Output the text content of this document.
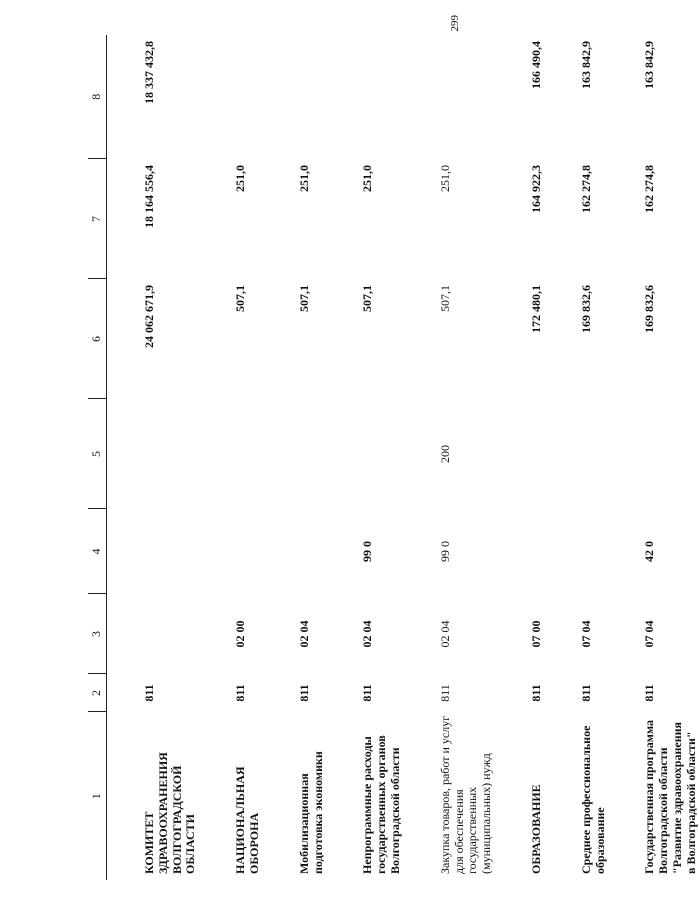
299
1	2	3	4	5	6	7	8

КОМИТЕТ ЗДРАВООХРАНЕНИЯ ВОЛГОГРАДСКОЙ ОБЛАСТИ	811				24 062 671,9	18 164 556,4	18 337 432,8

НАЦИОНАЛЬНАЯ ОБОРОНА	811	02 00			507,1	251,0	

Мобилизационная подготовка экономики	811	02 04			507,1	251,0	

Непрограммные расходы государственных органов Волгоградской области	811	02 04	99 0		507,1	251,0	

Закупка товаров, работ и услуг для обеспечения государственных (муниципальных) нужд	811	02 04	99 0	200	507,1	251,0	

ОБРАЗОВАНИЕ	811	07 00			172 480,1	164 922,3	166 490,4

Среднее профессиональное образование	811	07 04			169 832,6	162 274,8	163 842,9

Государственная программа Волгоградской области "Развитие здравоохранения в Волгоградской области"	811	07 04	42 0		169 832,6	162 274,8	163 842,9
